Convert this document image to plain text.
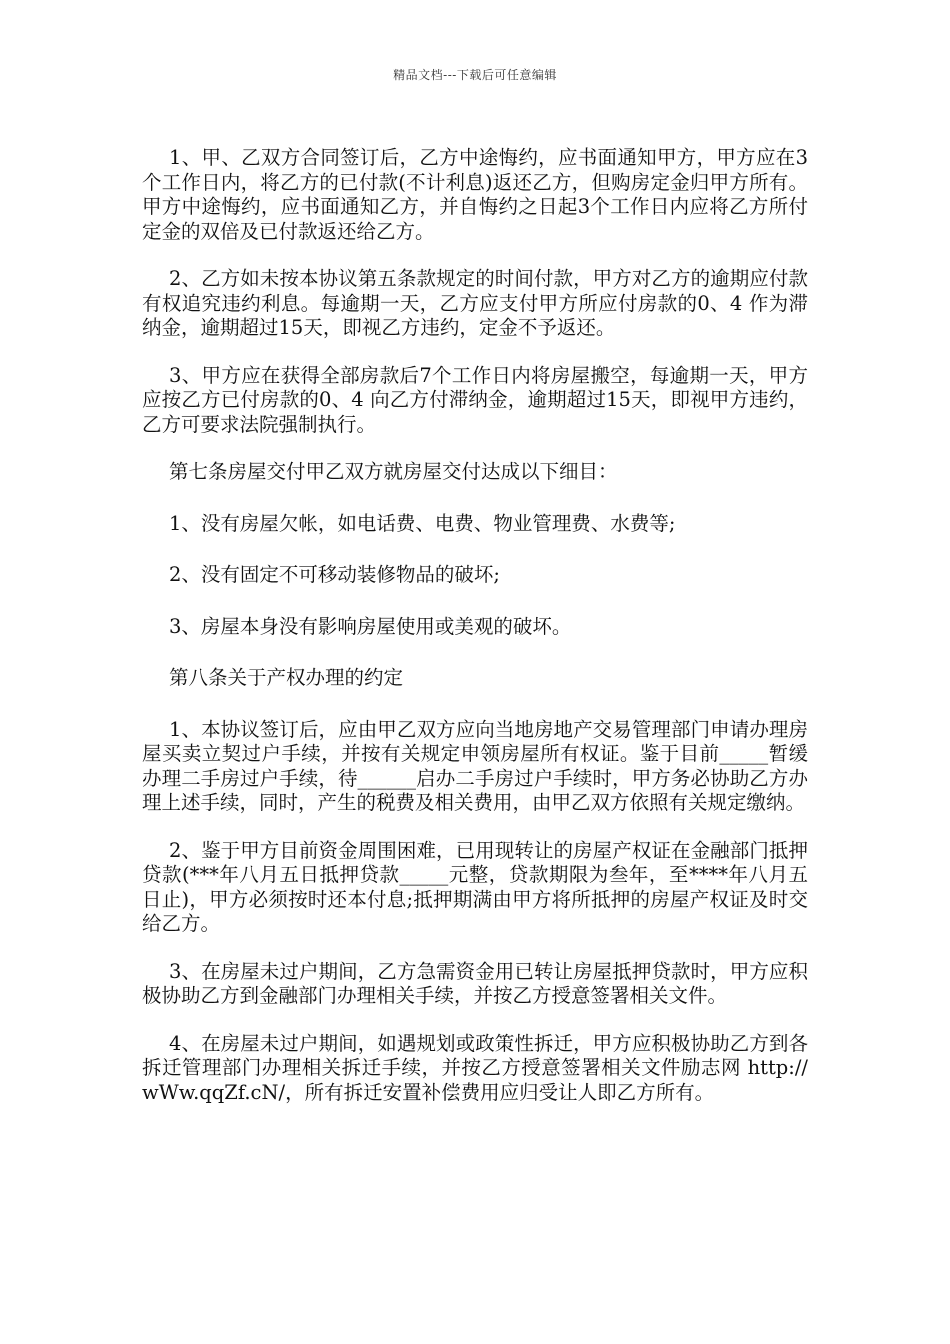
精品文档---下载后可任意编辑

1、甲、乙双方合同签订后，乙方中途悔约，应书面通知甲方，甲方应在3个工作日内，将乙方的已付款(不计利息)返还乙方，但购房定金归甲方所有。甲方中途悔约，应书面通知乙方，并自悔约之日起3个工作日内应将乙方所付定金的双倍及已付款返还给乙方。

2、乙方如未按本协议第五条款规定的时间付款，甲方对乙方的逾期应付款有权追究违约利息。每逾期一天，乙方应支付甲方所应付房款的0、4 作为滞纳金，逾期超过15天，即视乙方违约，定金不予返还。

3、甲方应在获得全部房款后7个工作日内将房屋搬空，每逾期一天，甲方应按乙方已付房款的0、4 向乙方付滞纳金，逾期超过15天，即视甲方违约，乙方可要求法院强制执行。

第七条房屋交付甲乙双方就房屋交付达成以下细目：

1、没有房屋欠帐，如电话费、电费、物业管理费、水费等;

2、没有固定不可移动装修物品的破坏;

3、房屋本身没有影响房屋使用或美观的破坏。

第八条关于产权办理的约定

1、本协议签订后，应由甲乙双方应向当地房地产交易管理部门申请办理房屋买卖立契过户手续，并按有关规定申领房屋所有权证。鉴于目前_____暂缓办理二手房过户手续，待______启办二手房过户手续时，甲方务必协助乙方办理上述手续，同时，产生的税费及相关费用，由甲乙双方依照有关规定缴纳。

2、鉴于甲方目前资金周围困难，已用现转让的房屋产权证在金融部门抵押贷款(***年八月五日抵押贷款_____元整，贷款期限为叁年，至****年八月五日止)，甲方必须按时还本付息;抵押期满由甲方将所抵押的房屋产权证及时交给乙方。

3、在房屋未过户期间，乙方急需资金用已转让房屋抵押贷款时，甲方应积极协助乙方到金融部门办理相关手续，并按乙方授意签署相关文件。

4、在房屋未过户期间，如遇规划或政策性拆迁，甲方应积极协助乙方到各拆迁管理部门办理相关拆迁手续，并按乙方授意签署相关文件励志网 http://wWw.qqZf.cN/，所有拆迁安置补偿费用应归受让人即乙方所有。
